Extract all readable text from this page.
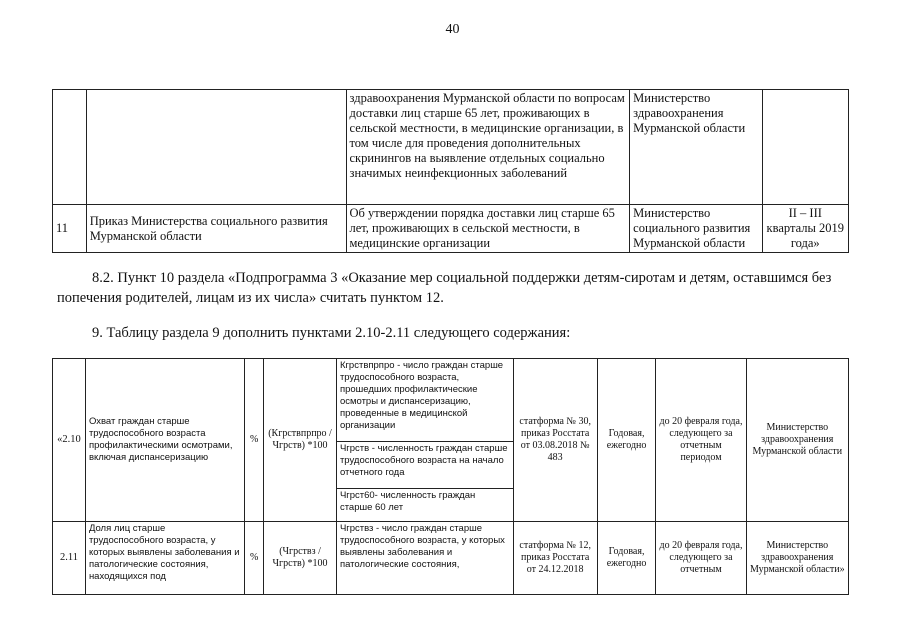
40
		здравоохранения Мурманской области по вопросам доставки лиц старше 65 лет, проживающих в сельской местности, в медицинские организации, в том числе для проведения дополнительных скринингов на выявление отдельных социально значимых неинфекционных заболеваний	Министерство здравоохранения Мурманской области	
11	Приказ Министерства социального развития Мурманской области	Об утверждении порядка доставки лиц старше 65 лет, проживающих в сельской местности, в медицинские организации	Министерство социального развития Мурманской области	II – III кварталы 2019 года»
8.2. Пункт 10 раздела «Подпрограмма 3 «Оказание мер социальной поддержки детям-сиротам и детям, оставшимся без попечения родителей, лицам из их числа» считать пунктом 12.
9. Таблицу раздела 9 дополнить пунктами 2.10-2.11 следующего содержания:
«2.10	Охват граждан старше трудоспособного возраста профилактическими осмотрами, включая диспансеризацию	%	(Кгрствпрпро / Чгрств) *100	Кгрствпрпро - число граждан старше трудоспособного возраста, прошедших профилактические осмотры и диспансеризацию, проведенные в медицинской организации	статформа № 30, приказ Росстата от 03.08.2018 № 483	Годовая, ежегодно	до 20 февраля года, следующего за отчетным периодом	Министерство здравоохранения Мурманской области
				Чгрств - численность граждан старше трудоспособного возраста на начало отчетного года				
				Чгрст60- численность граждан старше 60 лет				
2.11	Доля лиц старше трудоспособного возраста, у которых выявлены заболевания и патологические состояния, находящихся под	%	(Чгрствз / Чгрств) *100	Чгрствз - число граждан старше трудоспособного возраста, у которых выявлены заболевания и патологические состояния,	статформа № 12, приказ Росстата от 24.12.2018	Годовая, ежегодно	до 20 февраля года, следующего за отчетным	Министерство здравоохранения Мурманской области»
